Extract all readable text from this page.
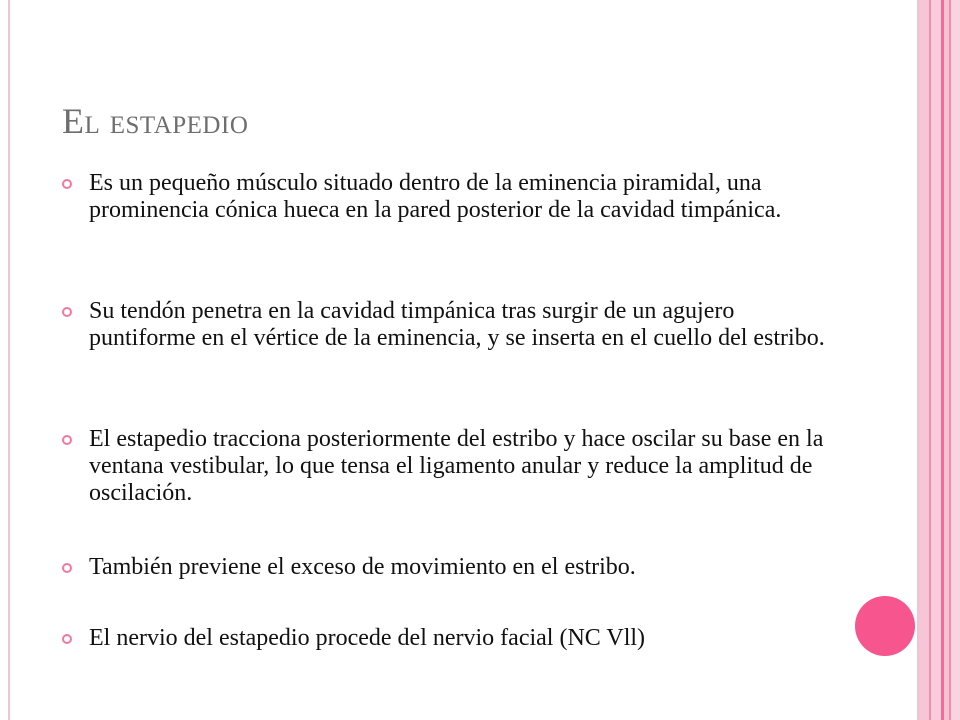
El estapedio
Es un pequeño músculo situado dentro de la eminencia piramidal, una prominencia cónica hueca en la pared posterior de la cavidad timpánica.
Su tendón penetra en la cavidad timpánica tras surgir de un agujero puntiforme en el vértice de la eminencia, y se inserta en el cuello del estribo.
El estapedio tracciona posteriormente del estribo y hace oscilar su base en la ventana vestibular, lo que tensa el ligamento anular y reduce la amplitud de oscilación.
También previene el exceso de movimiento en el estribo.
El nervio del estapedio procede del nervio facial (NC Vll)
